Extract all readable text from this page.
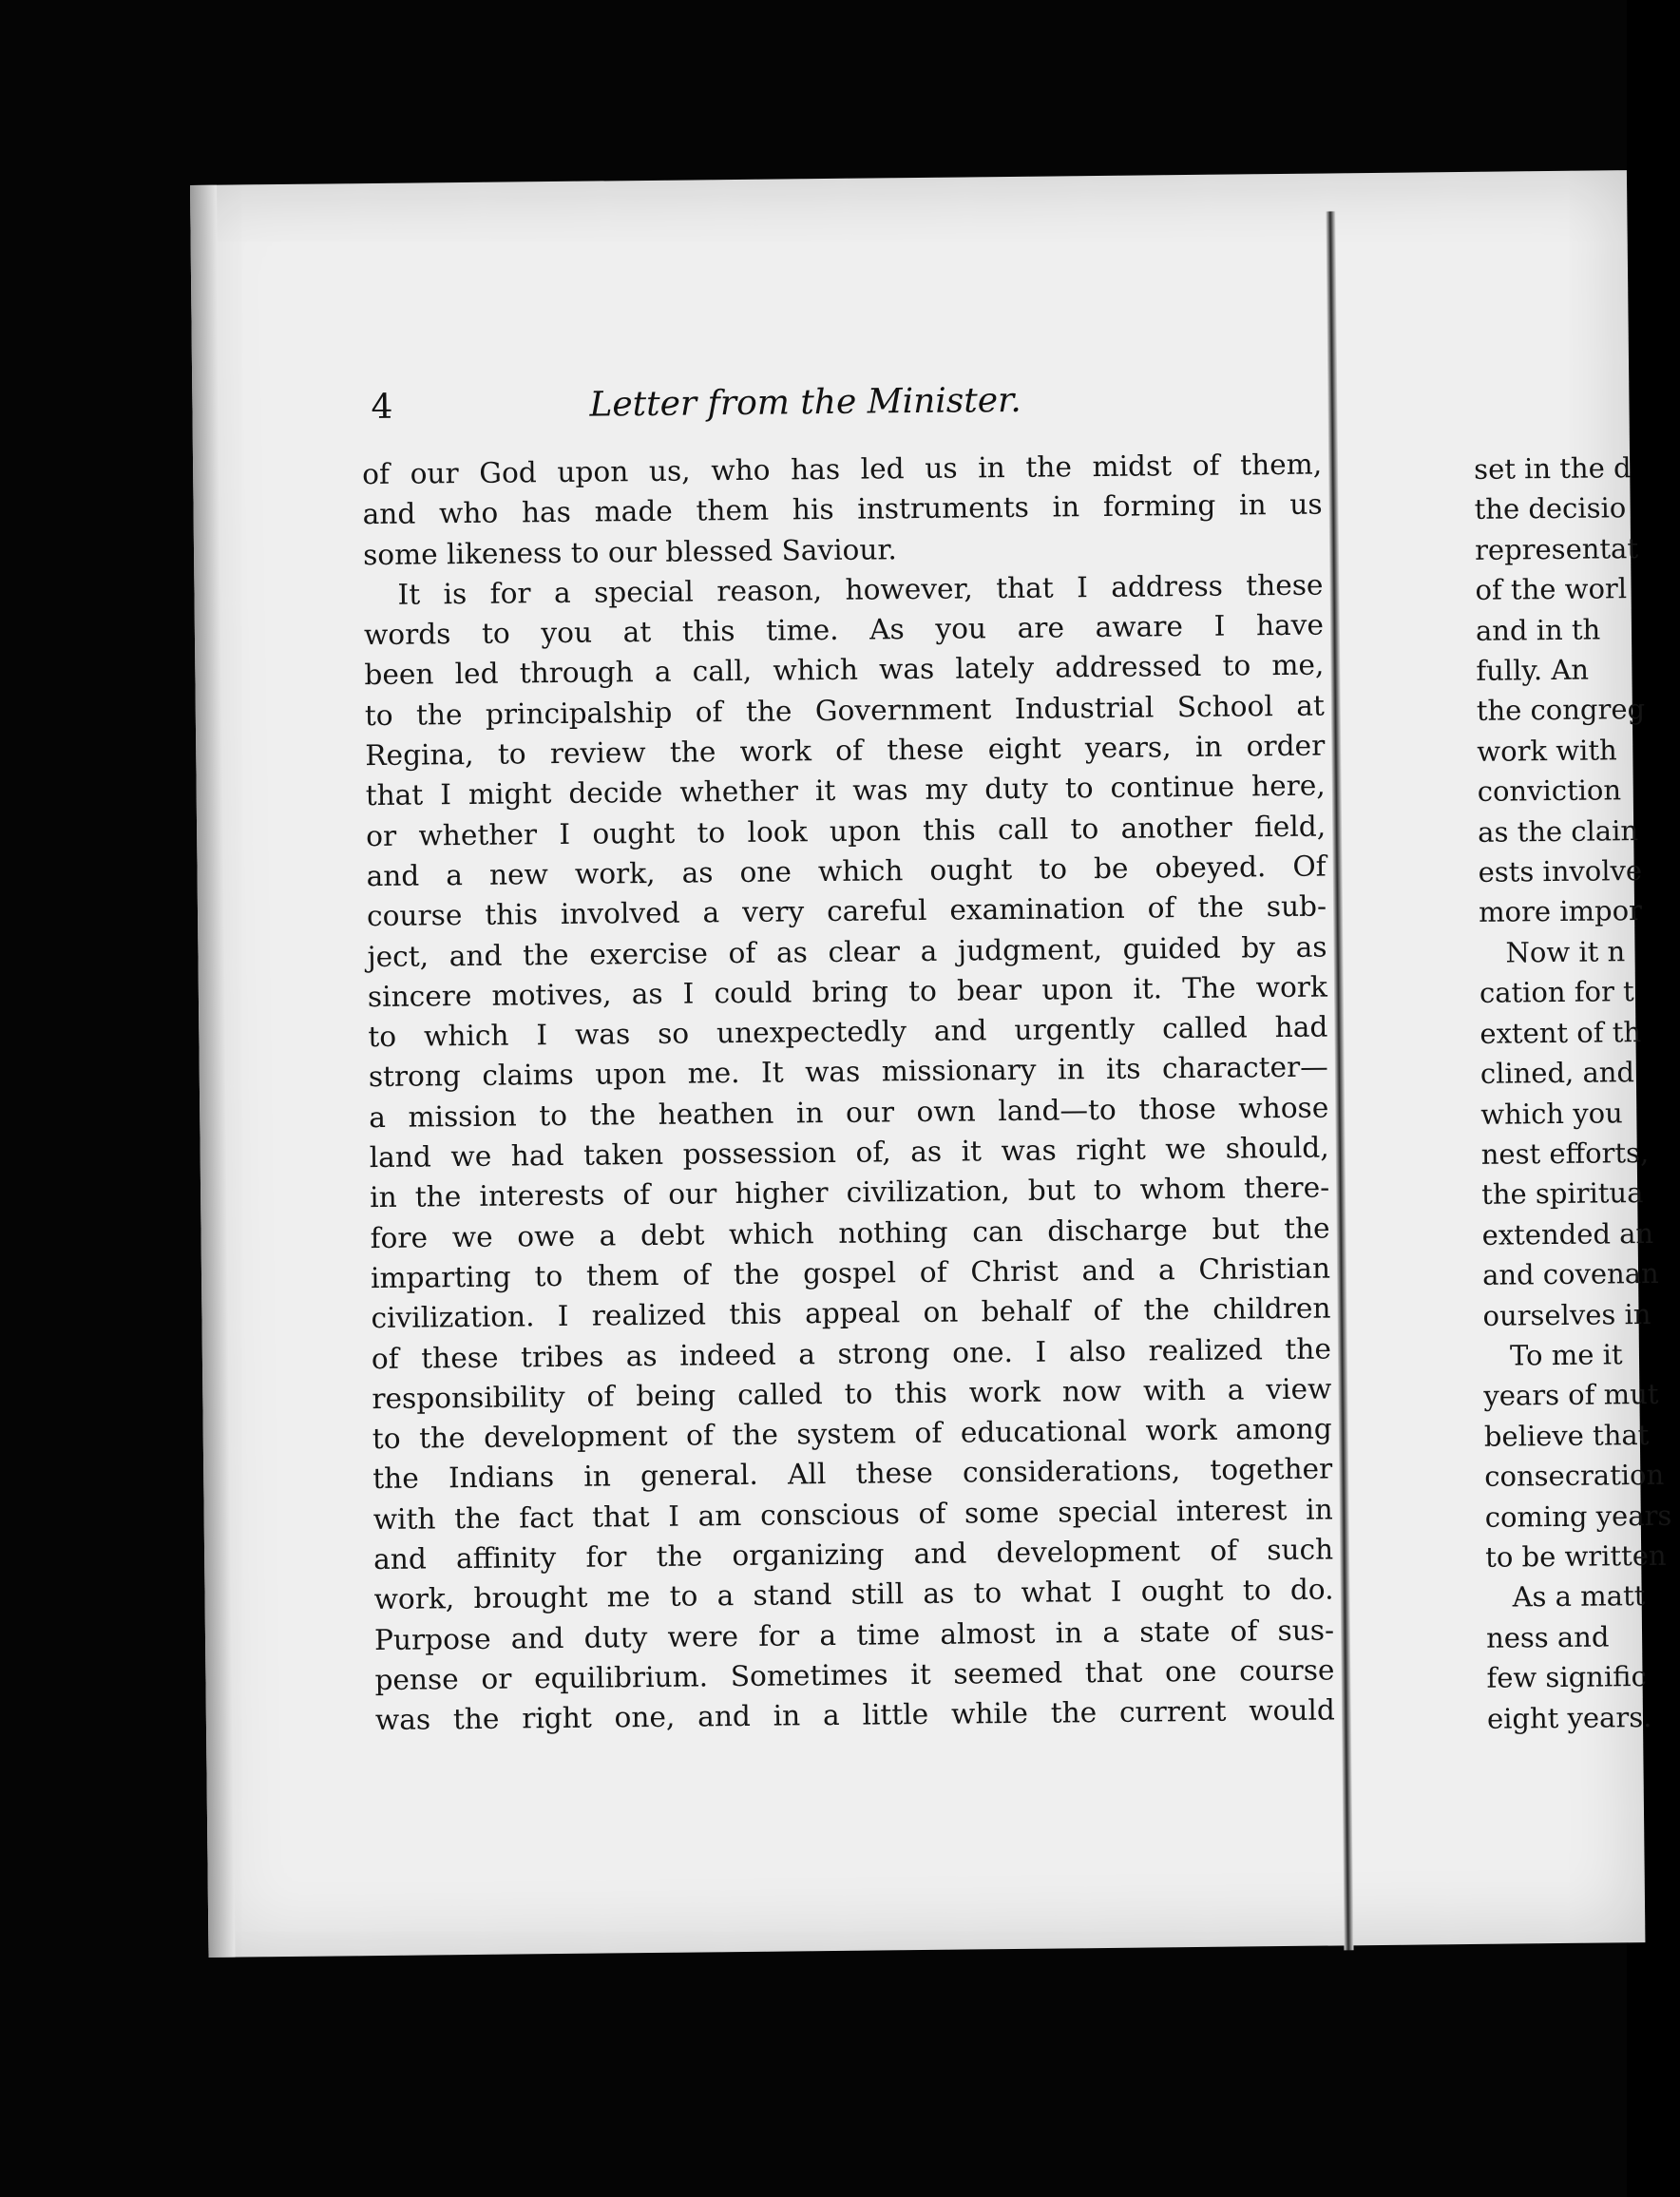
4	Letter from the Minister.
of our God upon us, who has led us in the midst of them,
and who has made them his instruments in forming in us
some likeness to our blessed Saviour.
It is for a special reason, however, that I address these
words to you at this time. As you are aware I have
been led through a call, which was lately addressed to me,
to the principalship of the Government Industrial School at
Regina, to review the work of these eight years, in order
that I might decide whether it was my duty to continue here,
or whether I ought to look upon this call to another field,
and a new work, as one which ought to be obeyed. Of
course this involved a very careful examination of the sub-
ject, and the exercise of as clear a judgment, guided by as
sincere motives, as I could bring to bear upon it. The work
to which I was so unexpectedly and urgently called had
strong claims upon me. It was missionary in its character—
a mission to the heathen in our own land—to those whose
land we had taken possession of, as it was right we should,
in the interests of our higher civilization, but to whom there-
fore we owe a debt which nothing can discharge but the
imparting to them of the gospel of Christ and a Christian
civilization. I realized this appeal on behalf of the children
of these tribes as indeed a strong one. I also realized the
responsibility of being called to this work now with a view
to the development of the system of educational work among
the Indians in general. All these considerations, together
with the fact that I am conscious of some special interest in
and affinity for the organizing and development of such
work, brought me to a stand still as to what I ought to do.
Purpose and duty were for a time almost in a state of sus-
pense or equilibrium. Sometimes it seemed that one course
was the right one, and in a little while the current would
set in the d
the decisio
representat
of the worl
and in th
fully. An
the congreg
work with
conviction
as the clain
ests involve
more impor
Now it n
cation for t
extent of th
clined, and
which you
nest efforts,
the spiritua
extended an
and covenan
ourselves in
To me it
years of mut
believe that
consecration
coming years
to be written
As a matt
ness and
few signific
eight years.
